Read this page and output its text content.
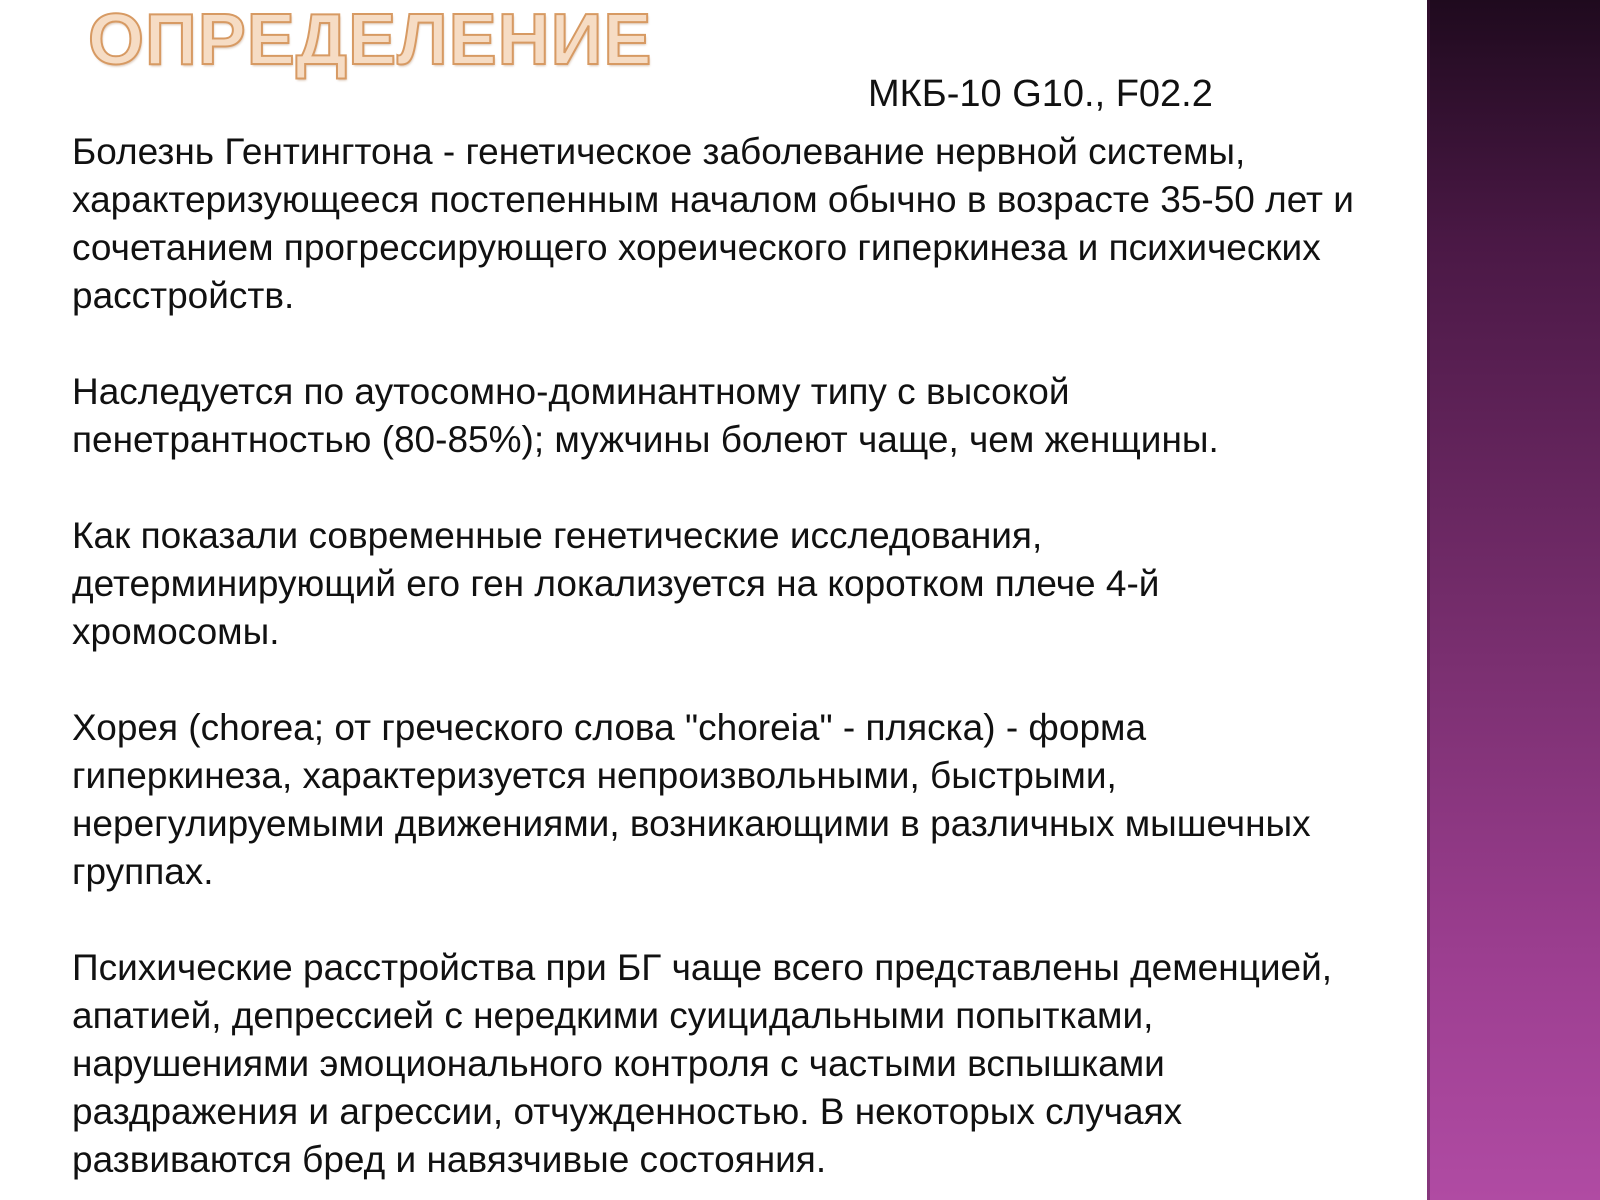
ОПРЕДЕЛЕНИЕ
МКБ-10 G10., F02.2

Болезнь Гентингтона - генетическое заболевание нервной системы,
характеризующееся постепенным началом обычно в возрасте 35-50 лет и
сочетанием прогрессирующего хореического гиперкинеза и психических
расстройств.

Наследуется по аутосомно-доминантному типу с высокой
пенетрантностью (80-85%); мужчины болеют чаще, чем женщины.

Как показали современные генетические исследования,
детерминирующий его ген локализуется на коротком плече 4-й
хромосомы.

Хорея (chorea; от греческого слова "choreia" - пляска) - форма
гиперкинеза, характеризуется непроизвольными, быстрыми,
нерегулируемыми движениями, возникающими в различных мышечных
группах.

Психические расстройства при БГ чаще всего представлены деменцией,
апатией, депрессией с нередкими суицидальными попытками,
нарушениями эмоционального контроля с частыми вспышками
раздражения и агрессии, отчужденностью. В некоторых случаях
развиваются бред и навязчивые состояния.
